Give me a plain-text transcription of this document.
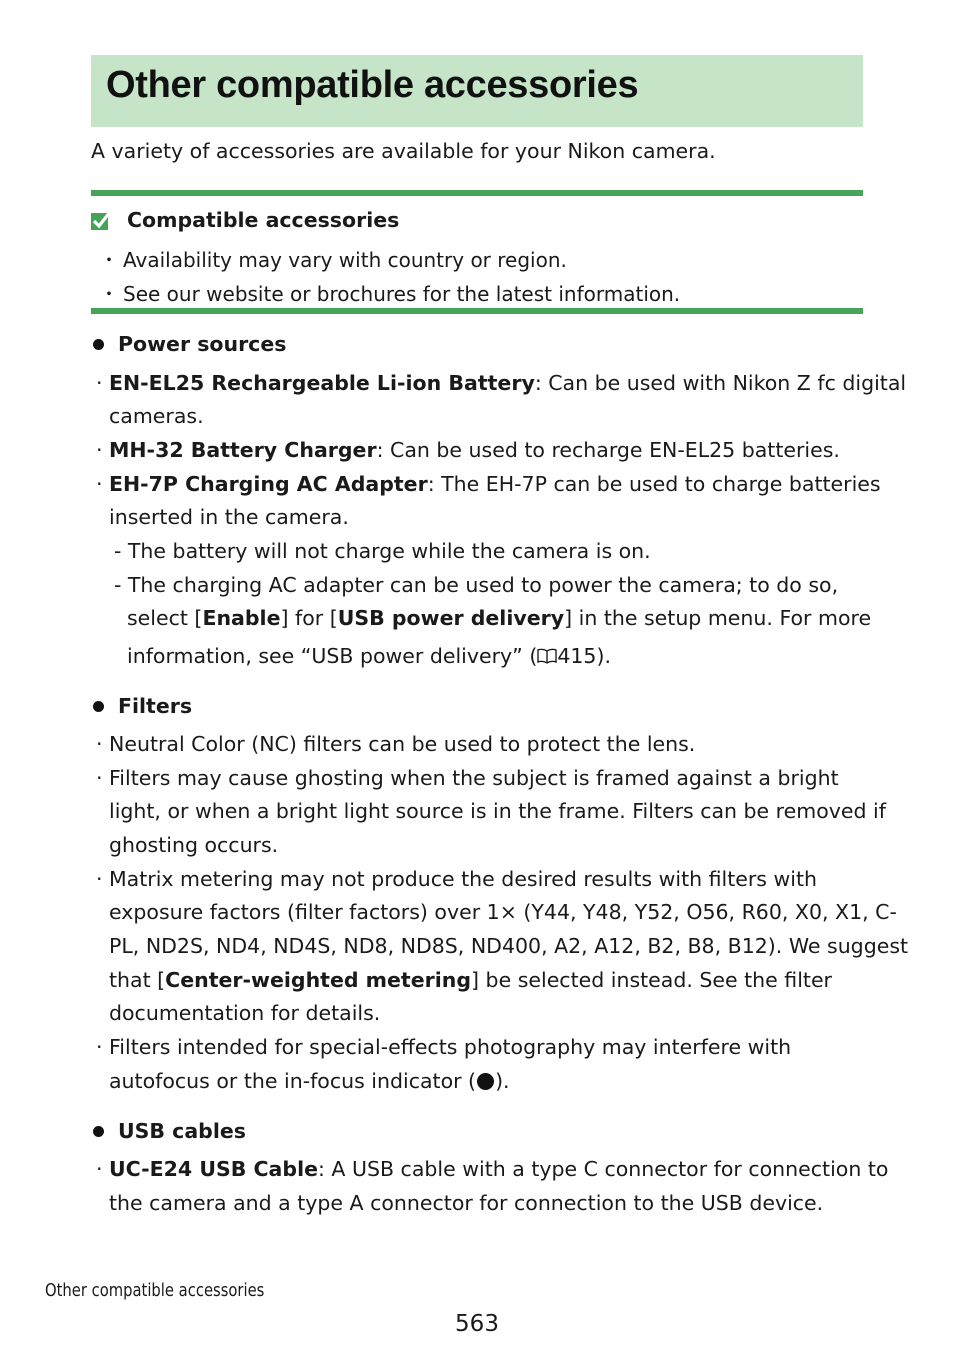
Other compatible accessories
A variety of accessories are available for your Nikon camera.
Compatible accessories
・ Availability may vary with country or region.
・ See our website or brochures for the latest information.
Power sources
· EN-EL25 Rechargeable Li-ion Battery: Can be used with Nikon Z fc digital
cameras.
· MH-32 Battery Charger: Can be used to recharge EN-EL25 batteries.
· EH-7P Charging AC Adapter: The EH-7P can be used to charge batteries
inserted in the camera.
- The battery will not charge while the camera is on.
- The charging AC adapter can be used to power the camera; to do so,
select [Enable] for [USB power delivery] in the setup menu. For more
information, see “USB power delivery” ( 415).
Filters
· Neutral Color (NC) filters can be used to protect the lens.
· Filters may cause ghosting when the subject is framed against a bright
light, or when a bright light source is in the frame. Filters can be removed if
ghosting occurs.
· Matrix metering may not produce the desired results with filters with
exposure factors (filter factors) over 1× (Y44, Y48, Y52, O56, R60, X0, X1, C-
PL, ND2S, ND4, ND4S, ND8, ND8S, ND400, A2, A12, B2, B8, B12). We suggest
that [Center-weighted metering] be selected instead. See the filter
documentation for details.
· Filters intended for special-effects photography may interfere with
autofocus or the in-focus indicator ( ).
USB cables
· UC-E24 USB Cable: A USB cable with a type C connector for connection to
the camera and a type A connector for connection to the USB device.
Other compatible accessories
563
